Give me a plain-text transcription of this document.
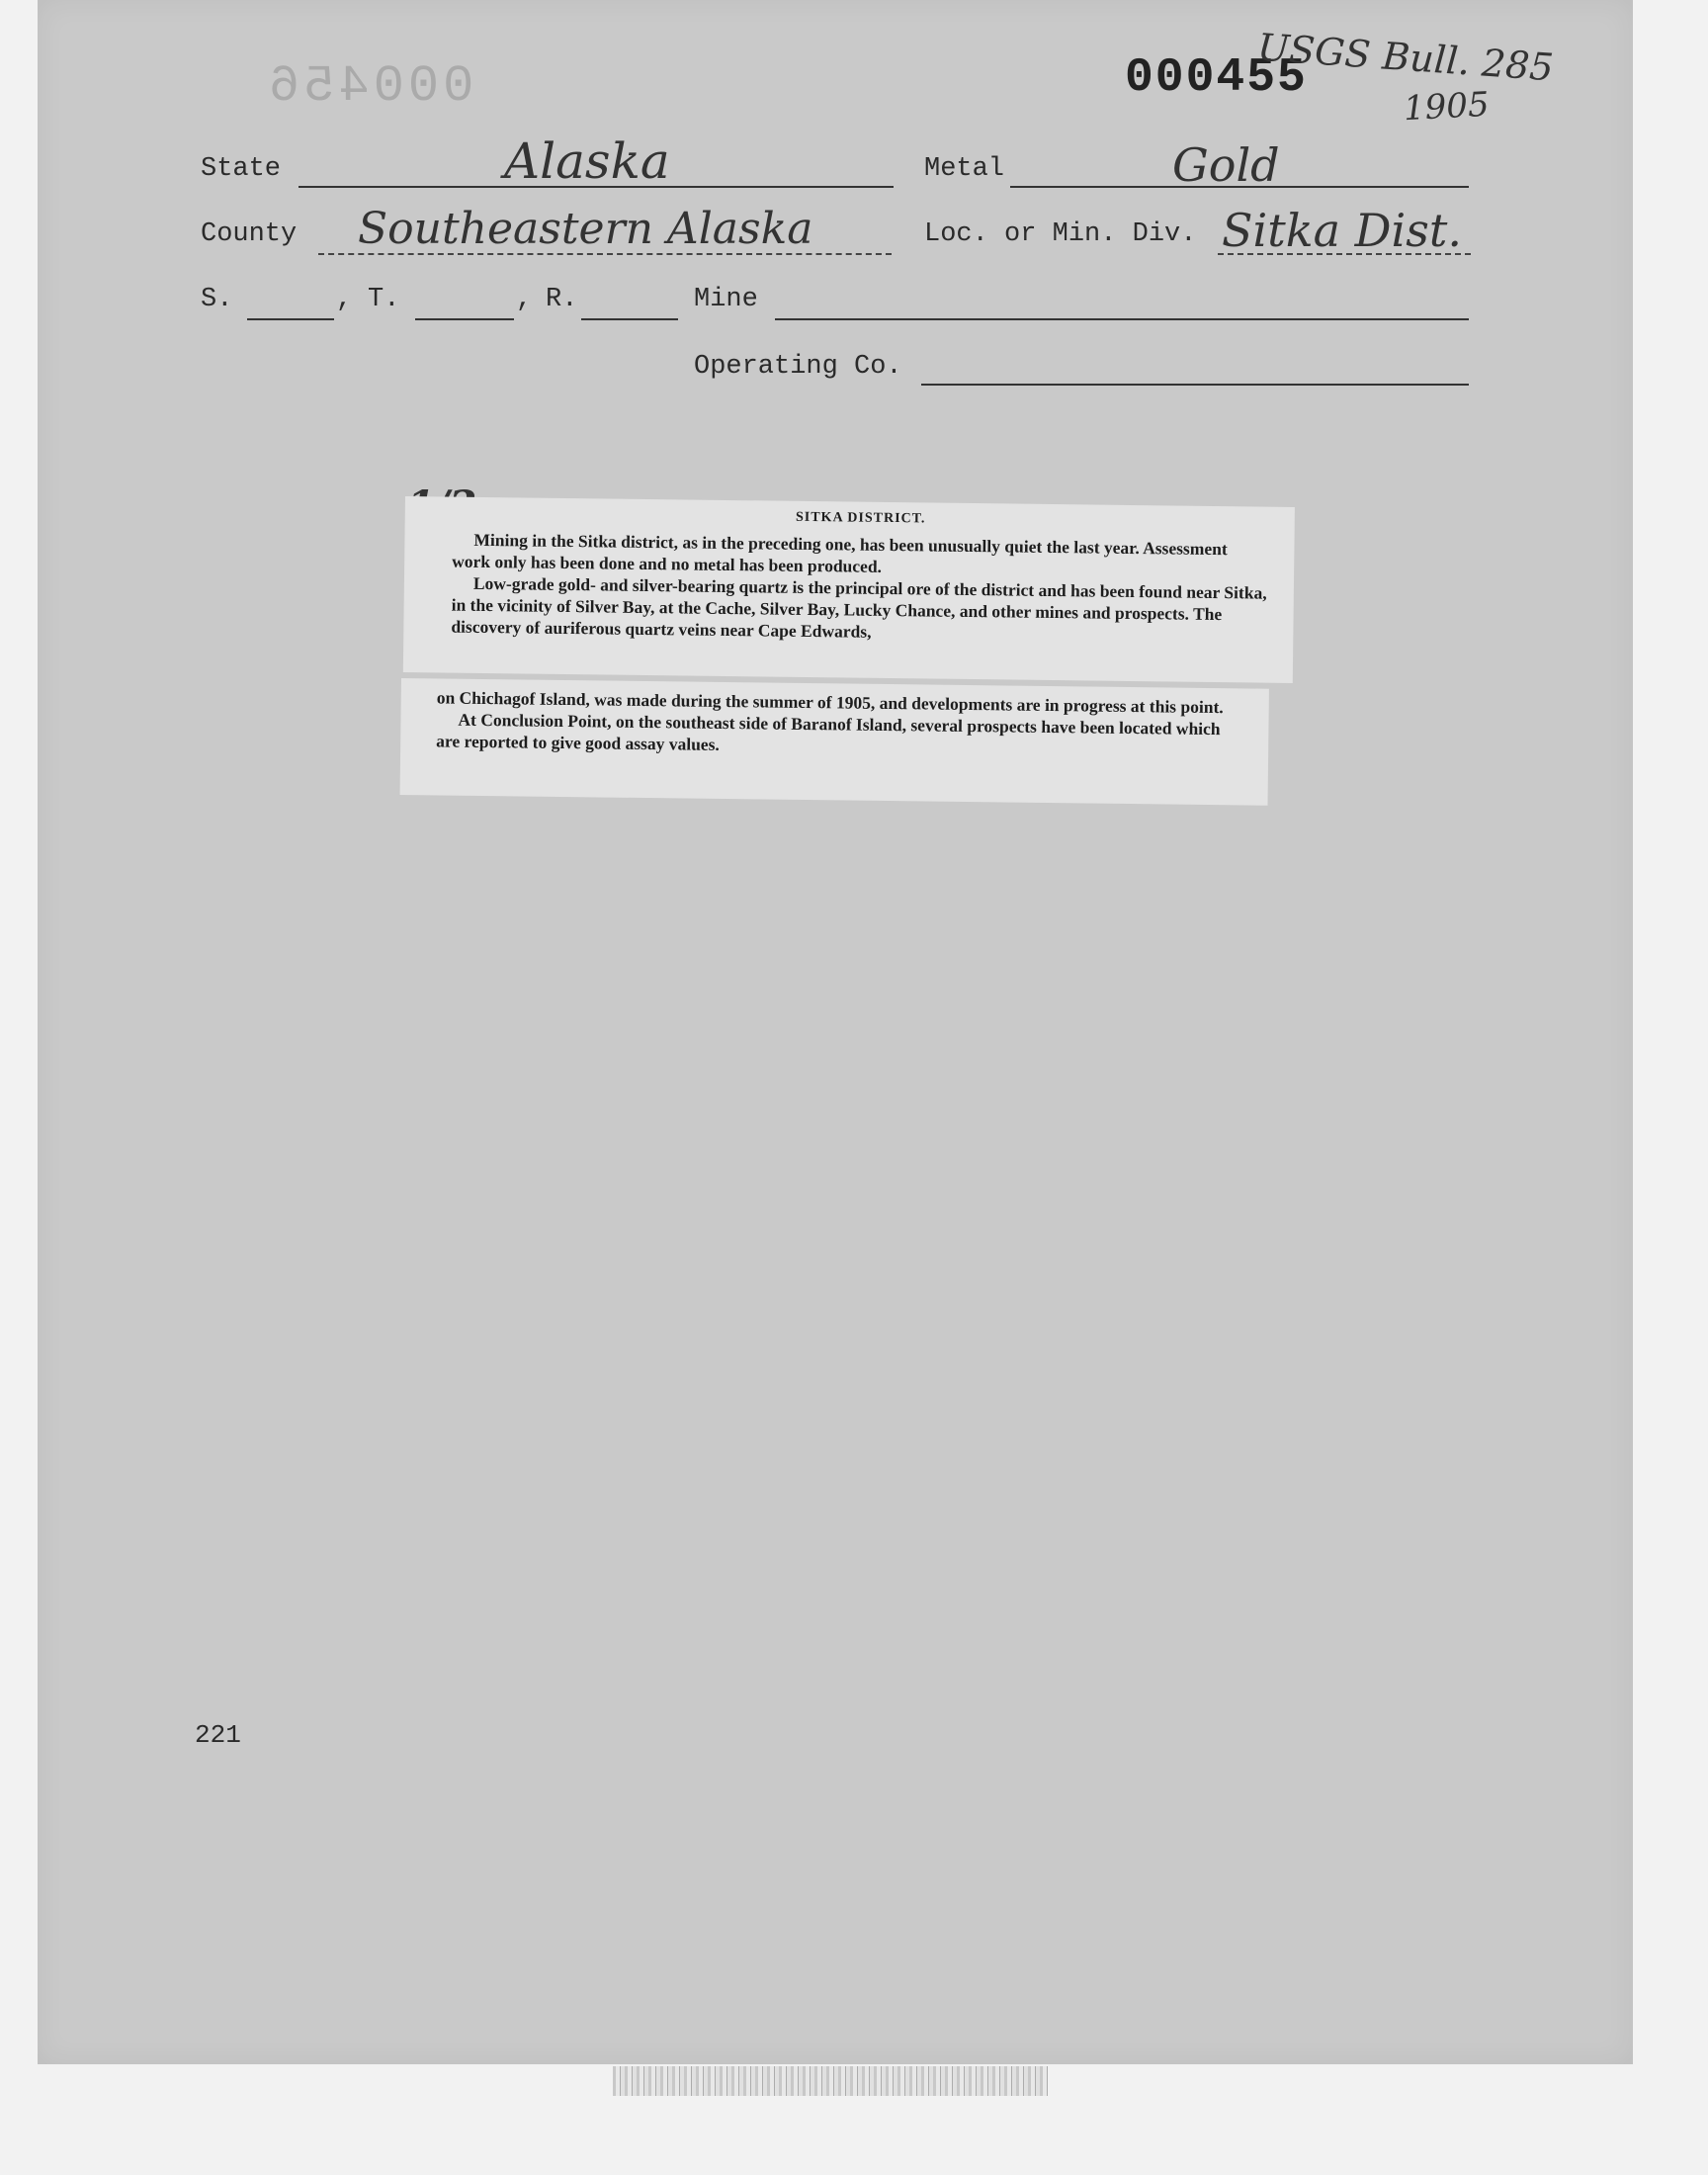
000456	000455
USGS Bull. 285
1905
State	Alaska	Metal	Gold
County Southeastern Alaska	Loc. or Min. Div. Sitka Dist.
S.	, T.	, R.	Mine
Operating Co.
SITKA DISTRICT.

Mining in the Sitka district, as in the preceding one, has been unusually quiet the last year. Assessment work only has been done and no metal has been produced.

Low-grade gold- and silver-bearing quartz is the principal ore of the district and has been found near Sitka, in the vicinity of Silver Bay, at the Cache, Silver Bay, Lucky Chance, and other mines and prospects. The discovery of auriferous quartz veins near Cape Edwards,

on Chichagof Island, was made during the summer of 1905, and developments are in progress at this point.

At Conclusion Point, on the southeast side of Baranof Island, several prospects have been located which are reported to give good assay values.

221
